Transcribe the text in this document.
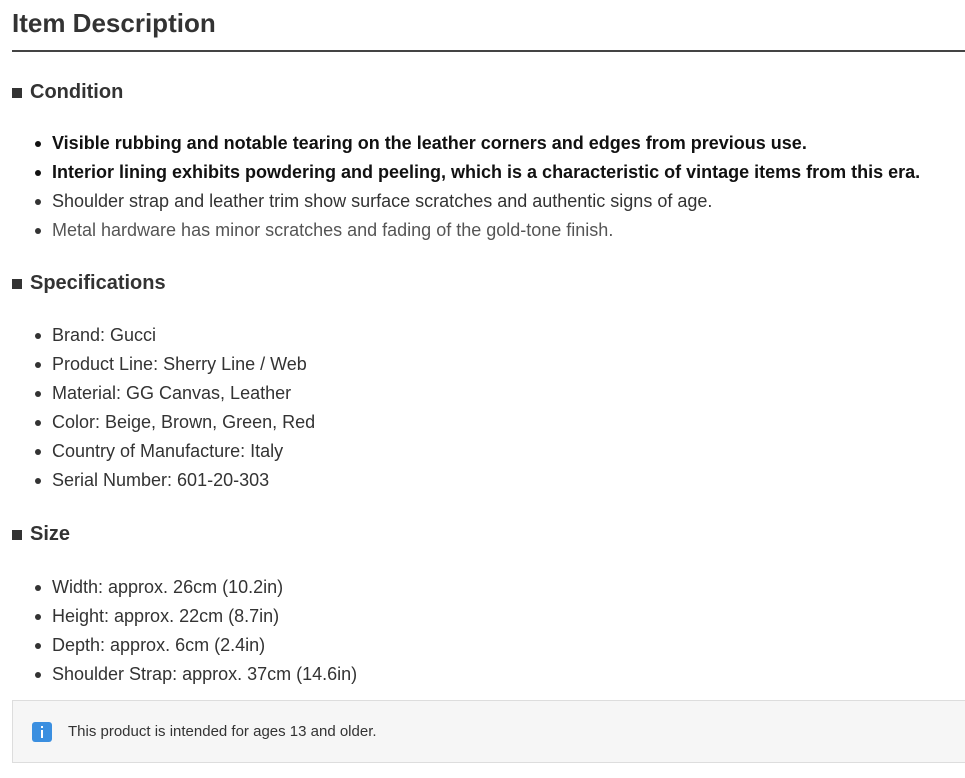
Item Description
Condition
Visible rubbing and notable tearing on the leather corners and edges from previous use.
Interior lining exhibits powdering and peeling, which is a characteristic of vintage items from this era.
Shoulder strap and leather trim show surface scratches and authentic signs of age.
Metal hardware has minor scratches and fading of the gold-tone finish.
Specifications
Brand: Gucci
Product Line: Sherry Line / Web
Material: GG Canvas, Leather
Color: Beige, Brown, Green, Red
Country of Manufacture: Italy
Serial Number: 601-20-303
Size
Width: approx. 26cm (10.2in)
Height: approx. 22cm (8.7in)
Depth: approx. 6cm (2.4in)
Shoulder Strap: approx. 37cm (14.6in)
This product is intended for ages 13 and older.
